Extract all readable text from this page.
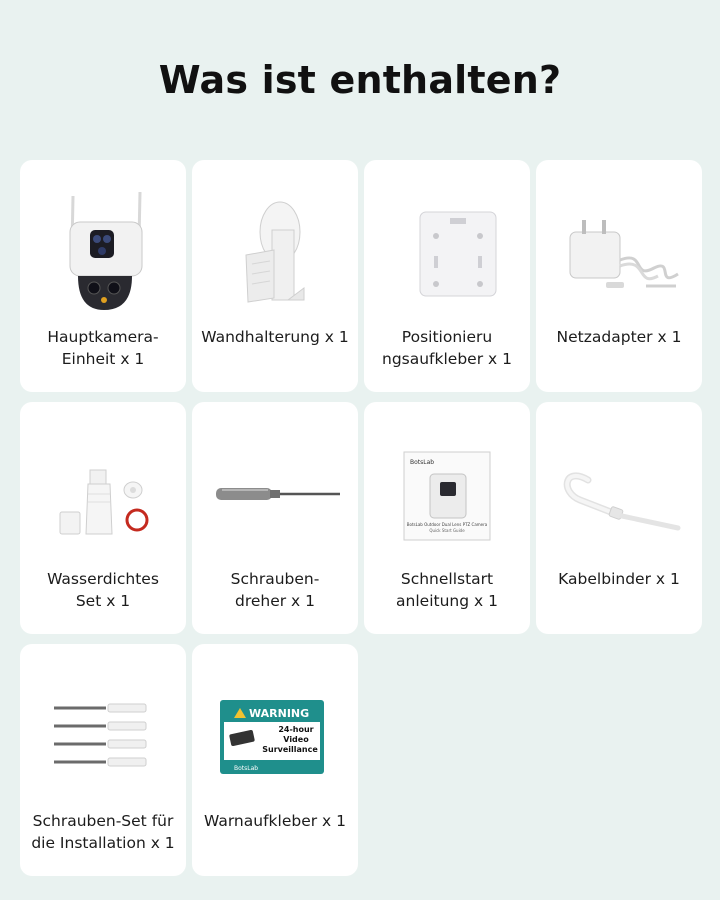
Was ist enthalten?
Hauptkamera-
Einheit x 1
Wandhalterung x 1	Positionieru
ngsaufkleber x 1
Netzadapter x 1
Wasserdichtes
Set x 1
Schrauben-
dreher x 1
BotsLab
BotsLab Outdoor Dual Lens PTZ Camera
Quick Start Guide
Schnellstart
anleitung x 1
Kabelbinder x 1
Schrauben-Set für
die Installation x 1
WARNING
24-hour
Video
Surveillance
BotsLab
Warnaufkleber x 1
